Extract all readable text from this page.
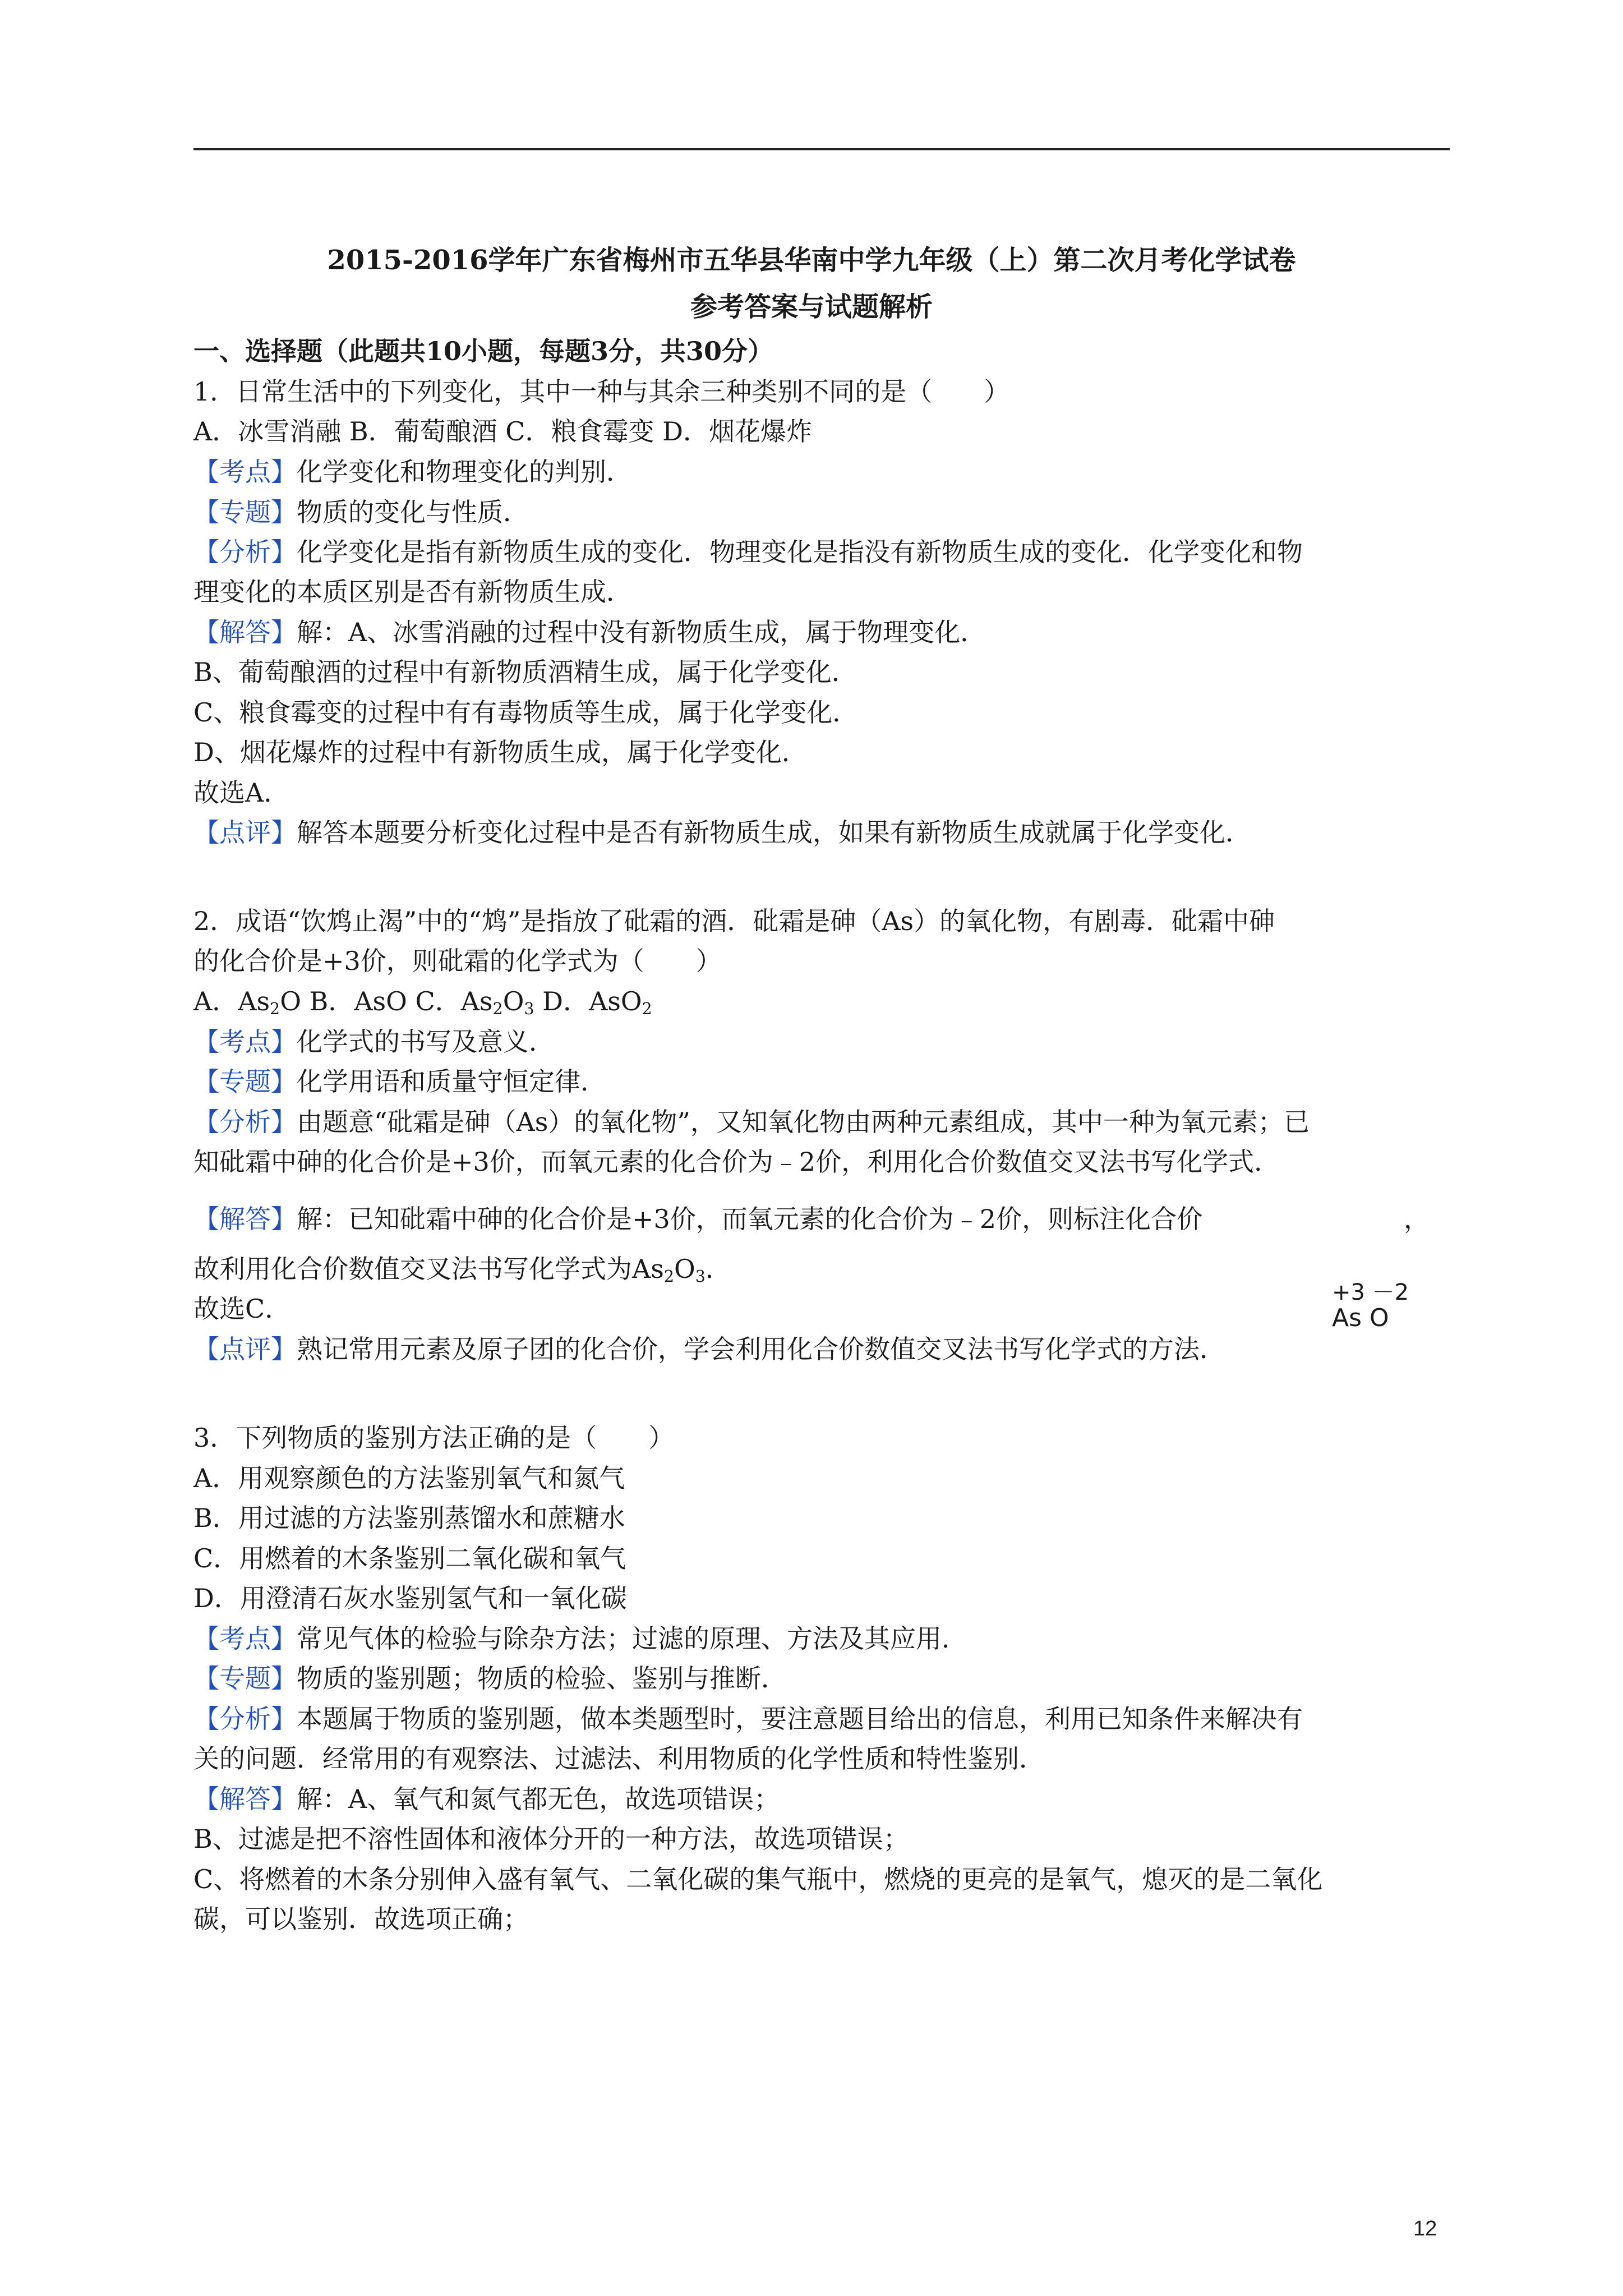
2015-2016学年广东省梅州市五华县华南中学九年级（上）第二次月考化学试卷
参考答案与试题解析
一、选择题（此题共10小题，每题3分，共30分）
1．日常生活中的下列变化，其中一种与其余三种类别不同的是（　　）
A．冰雪消融 B．葡萄酿酒 C．粮食霉变 D．烟花爆炸
【考点】化学变化和物理变化的判别．
【专题】物质的变化与性质．
【分析】化学变化是指有新物质生成的变化．物理变化是指没有新物质生成的变化．化学变化和物
理变化的本质区别是否有新物质生成．
【解答】解：A、冰雪消融的过程中没有新物质生成，属于物理变化．
B、葡萄酿酒的过程中有新物质酒精生成，属于化学变化．
C、粮食霉变的过程中有有毒物质等生成，属于化学变化．
D、烟花爆炸的过程中有新物质生成，属于化学变化．
故选A．
【点评】解答本题要分析变化过程中是否有新物质生成，如果有新物质生成就属于化学变化．
2．成语“饮鸩止渴”中的“鸩”是指放了砒霜的酒．砒霜是砷（As）的氧化物，有剧毒．砒霜中砷
的化合价是+3价，则砒霜的化学式为（　　）
A．$As_2O$ B．AsO C．$As_2O_3$ D．AsO$_2$
【考点】化学式的书写及意义．
【专题】化学用语和质量守恒定律．
【分析】由题意“砒霜是砷（As）的氧化物”，又知氧化物由两种元素组成，其中一种为氧元素；已
知砒霜中砷的化合价是+3价，而氧元素的化合价为﹣2价，利用化合价数值交叉法书写化学式．
【解答】解：已知砒霜中砷的化合价是+3价，而氧元素的化合价为﹣2价，则标注化合价
+3 －2
As O
，
故利用化合价数值交叉法书写化学式为$As_2O_3$．
故选C．
【点评】熟记常用元素及原子团的化合价，学会利用化合价数值交叉法书写化学式的方法．
3．下列物质的鉴别方法正确的是（　　）
A．用观察颜色的方法鉴别氧气和氮气
B．用过滤的方法鉴别蒸馏水和蔗糖水
C．用燃着的木条鉴别二氧化碳和氧气
D．用澄清石灰水鉴别氢气和一氧化碳
【考点】常见气体的检验与除杂方法；过滤的原理、方法及其应用．
【专题】物质的鉴别题；物质的检验、鉴别与推断．
【分析】本题属于物质的鉴别题，做本类题型时，要注意题目给出的信息，利用已知条件来解决有
关的问题．经常用的有观察法、过滤法、利用物质的化学性质和特性鉴别．
【解答】解：A、氧气和氮气都无色，故选项错误；
B、过滤是把不溶性固体和液体分开的一种方法，故选项错误；
C、将燃着的木条分别伸入盛有氧气、二氧化碳的集气瓶中，燃烧的更亮的是氧气，熄灭的是二氧化
碳，可以鉴别．故选项正确；
12
